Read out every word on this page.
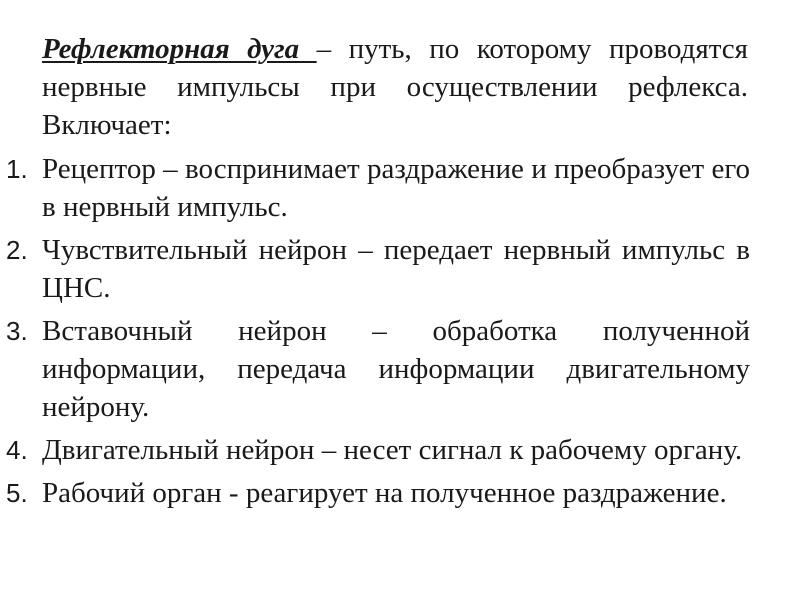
Рефлекторная дуга – путь, по которому проводятся нервные импульсы при осуществлении рефлекса. Включает:

1. Рецептор – воспринимает раздражение и преобразует его в нервный импульс.
2. Чувствительный нейрон – передает нервный импульс в ЦНС.
3. Вставочный нейрон – обработка полученной информации, передача информации двигательному нейрону.
4. Двигательный нейрон – несет сигнал к рабочему органу.
5. Рабочий орган - реагирует на полученное раздражение.
